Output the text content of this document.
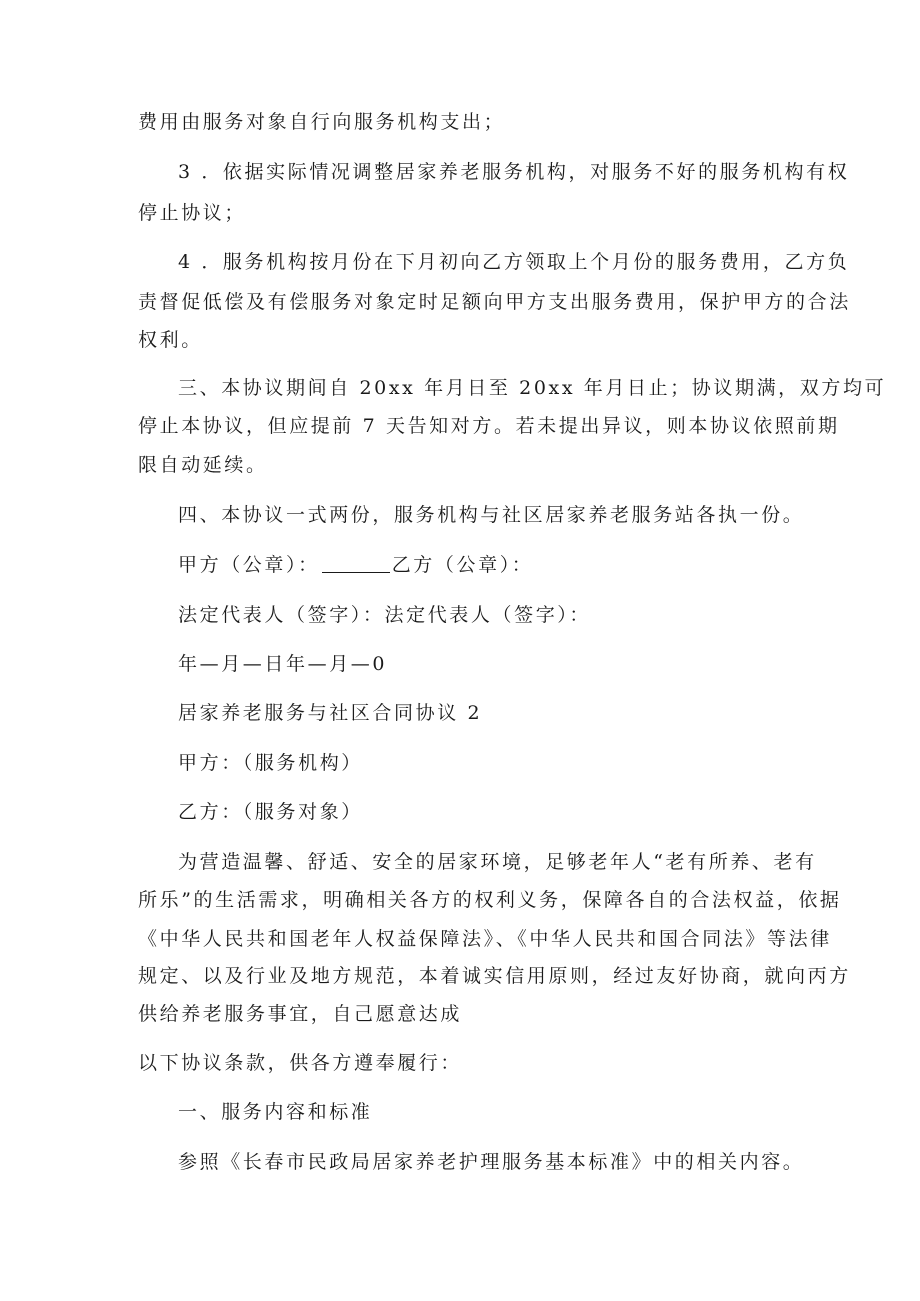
费用由服务对象自行向服务机构支出；
3 ．依据实际情况调整居家养老服务机构，对服务不好的服务机构有权
停止协议；
4 ．服务机构按月份在下月初向乙方领取上个月份的服务费用，乙方负
责督促低偿及有偿服务对象定时足额向甲方支出服务费用，保护甲方的合法
权利。
三、本协议期间自 20xx 年月日至 20xx 年月日止；协议期满，双方均可
停止本协议，但应提前 7 天告知对方。若未提出异议，则本协议依照前期
限自动延续。
四、本协议一式两份，服务机构与社区居家养老服务站各执一份。
甲方（公章）：	乙方（公章）：
法定代表人（签字）：法定代表人（签字）：
年—月—日年—月—0
居家养老服务与社区合同协议 2
甲方：（服务机构）
乙方：（服务对象）
为营造温馨、舒适、安全的居家环境，足够老年人“老有所养、老有
所乐”的生活需求，明确相关各方的权利义务，保障各自的合法权益，依据
《中华人民共和国老年人权益保障法》、《中华人民共和国合同法》等法律
规定、以及行业及地方规范，本着诚实信用原则，经过友好协商，就向丙方
供给养老服务事宜，自己愿意达成
以下协议条款，供各方遵奉履行：
一、服务内容和标准
参照《长春市民政局居家养老护理服务基本标准》中的相关内容。
